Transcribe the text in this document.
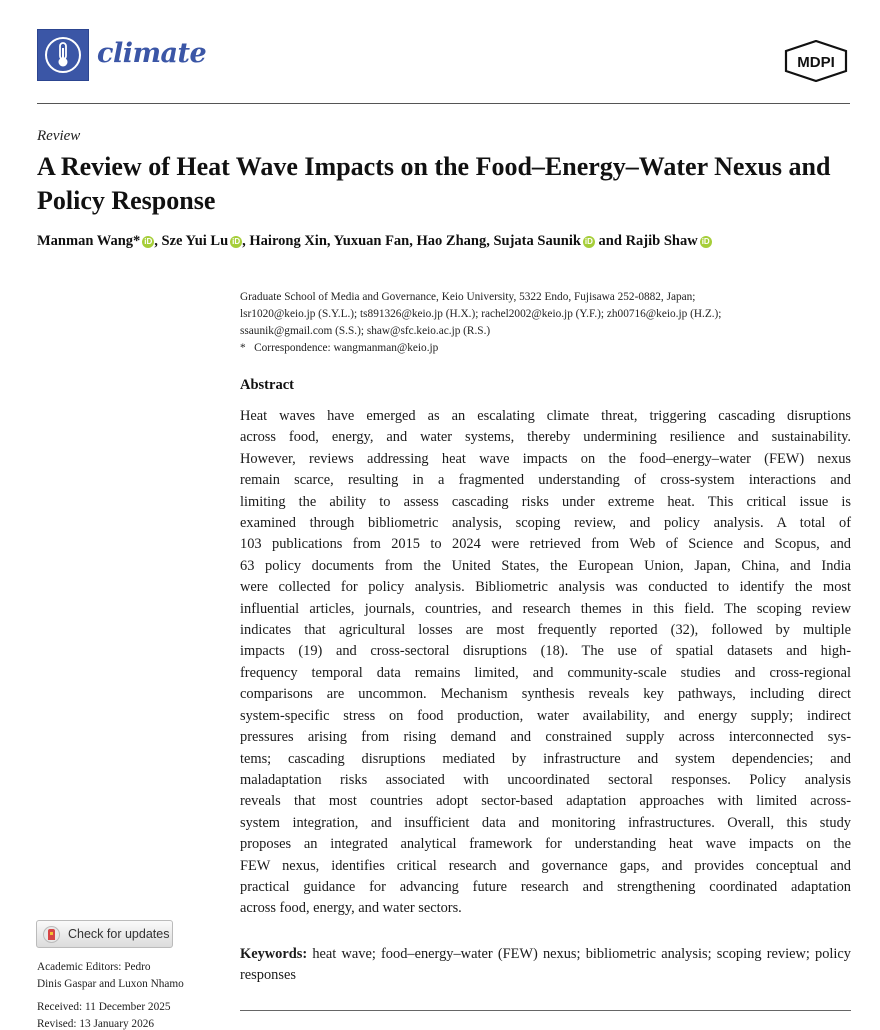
climate	MDPI
Review
A Review of Heat Wave Impacts on the Food–Energy–Water Nexus and Policy Response
Manman Wang* iD , Sze Yui Lu iD , Hairong Xin, Yuxuan Fan, Hao Zhang, Sujata Saunik iD and Rajib Shaw iD
Graduate School of Media and Governance, Keio University, 5322 Endo, Fujisawa 252-0882, Japan;
lsr1020@keio.jp (S.Y.L.); ts891326@keio.jp (H.X.); rachel2002@keio.jp (Y.F.); zh00716@keio.jp (H.Z.);
ssaunik@gmail.com (S.S.); shaw@sfc.keio.ac.jp (R.S.)
*   Correspondence: wangmanman@keio.jp
Abstract
Heat waves have emerged as an escalating climate threat, triggering cascading disruptions
across food, energy, and water systems, thereby undermining resilience and sustainability.
However, reviews addressing heat wave impacts on the food–energy–water (FEW) nexus
remain scarce, resulting in a fragmented understanding of cross-system interactions and
limiting the ability to assess cascading risks under extreme heat. This critical issue is
examined through bibliometric analysis, scoping review, and policy analysis. A total of
103 publications from 2015 to 2024 were retrieved from Web of Science and Scopus, and
63 policy documents from the United States, the European Union, Japan, China, and India
were collected for policy analysis. Bibliometric analysis was conducted to identify the most
influential articles, journals, countries, and research themes in this field. The scoping review
indicates that agricultural losses are most frequently reported (32), followed by multiple
impacts (19) and cross-sectoral disruptions (18). The use of spatial datasets and high-
frequency temporal data remains limited, and community-scale studies and cross-regional
comparisons are uncommon. Mechanism synthesis reveals key pathways, including direct
system-specific stress on food production, water availability, and energy supply; indirect
pressures arising from rising demand and constrained supply across interconnected sys-
tems; cascading disruptions mediated by infrastructure and system dependencies; and
maladaptation risks associated with uncoordinated sectoral responses. Policy analysis
reveals that most countries adopt sector-based adaptation approaches with limited across-
system integration, and insufficient data and monitoring infrastructures. Overall, this study
proposes an integrated analytical framework for understanding heat wave impacts on the
FEW nexus, identifies critical research and governance gaps, and provides conceptual and
practical guidance for advancing future research and strengthening coordinated adaptation
across food, energy, and water sectors.
Keywords: heat wave; food–energy–water (FEW) nexus; bibliometric analysis; scoping review; policy responses
Check for updates
Academic Editors: Pedro
Dinis Gaspar and Luxon Nhamo
Received: 11 December 2025
Revised: 13 January 2026
